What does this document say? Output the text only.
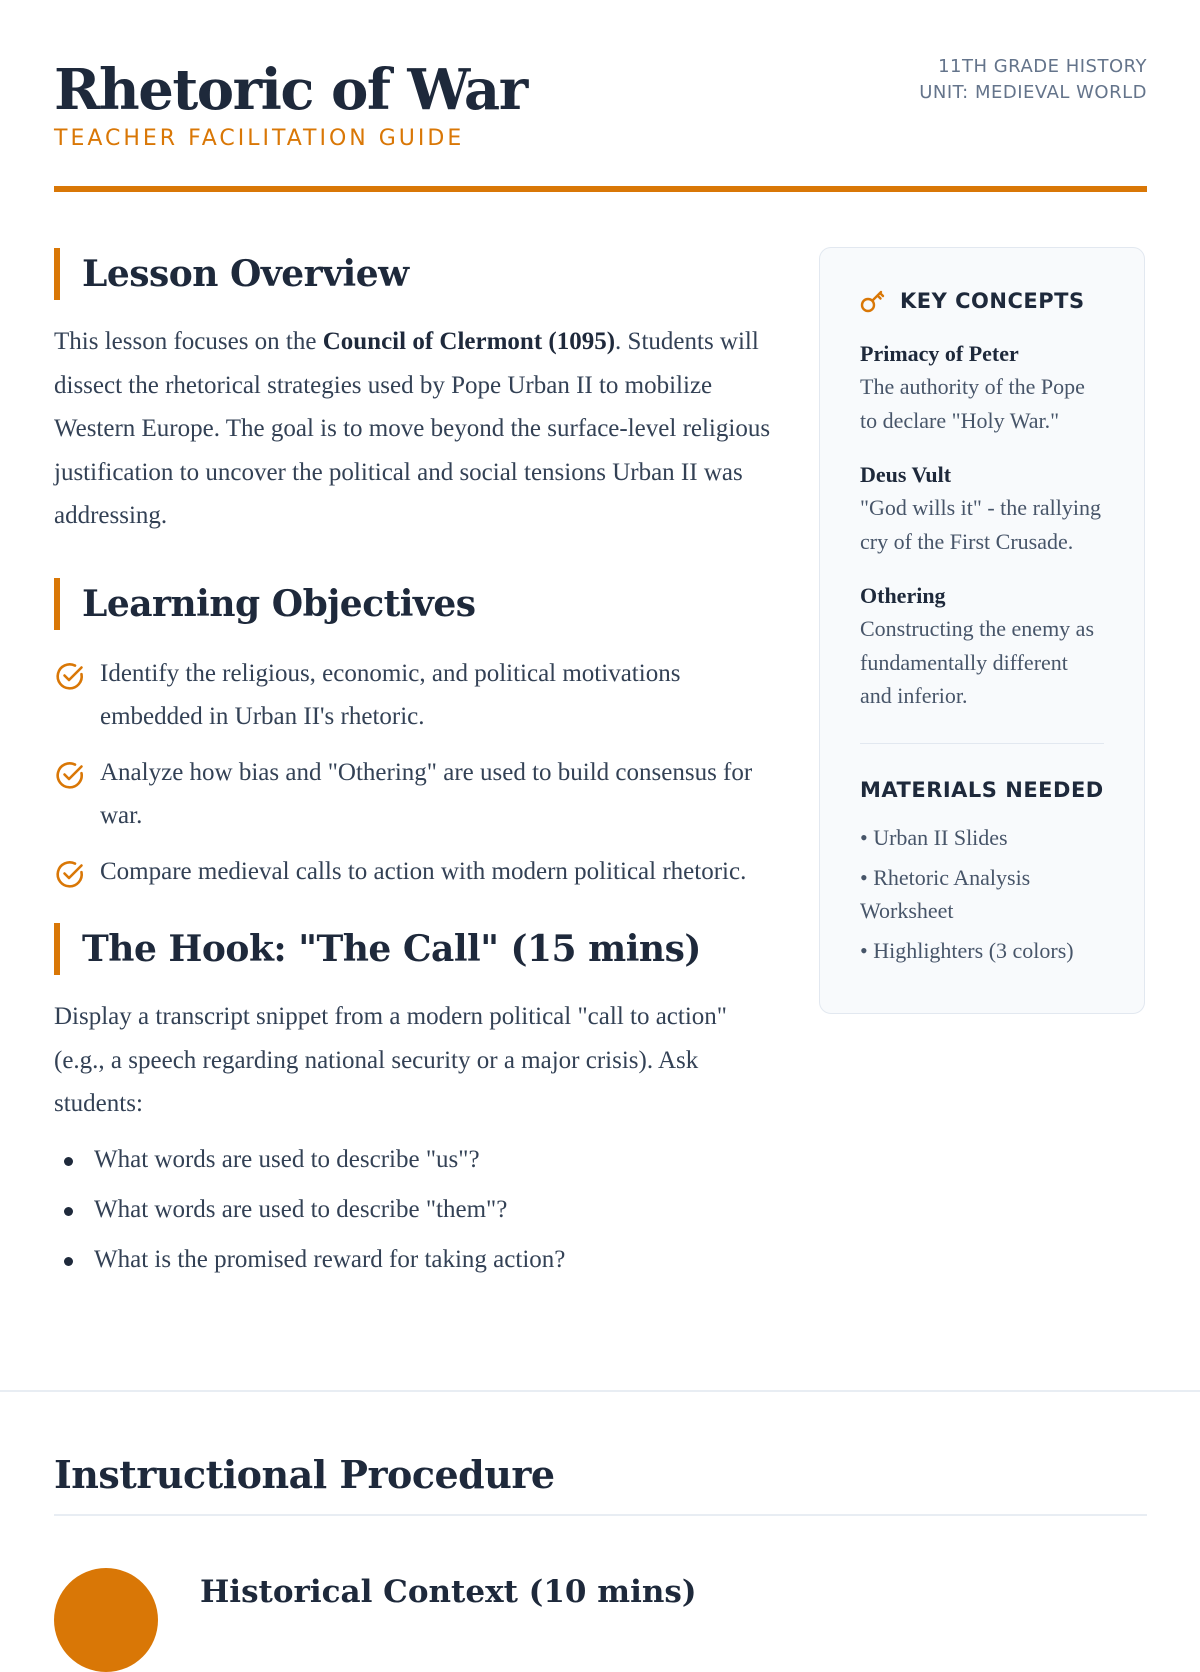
Rhetoric of War
TEACHER FACILITATION GUIDE
11TH GRADE HISTORY
UNIT: MEDIEVAL WORLD
Lesson Overview

This lesson focuses on the Council of Clermont (1095). Students will dissect the rhetorical strategies used by Pope Urban II to mobilize Western Europe. The goal is to move beyond the surface-level religious justification to uncover the political and social tensions Urban II was addressing.

Learning Objectives
Identify the religious, economic, and political motivations embedded in Urban II's rhetoric.
Analyze how bias and "Othering" are used to build consensus for war.
Compare medieval calls to action with modern political rhetoric.
The Hook: "The Call" (15 mins)

Display a transcript snippet from a modern political "call to action" (e.g., a speech regarding national security or a major crisis). Ask students:

What words are used to describe "us"?
What words are used to describe "them"?
What is the promised reward for taking action?
KEY CONCEPTS
Primacy of Peter
The authority of the Pope to declare "Holy War."
Deus Vult
"God wills it" - the rallying cry of the First Crusade.
Othering
Constructing the enemy as fundamentally different and inferior.
MATERIALS NEEDED
• Urban II Slides
• Rhetoric Analysis Worksheet
• Highlighters (3 colors)
Instructional Procedure
Historical Context (10 mins)
